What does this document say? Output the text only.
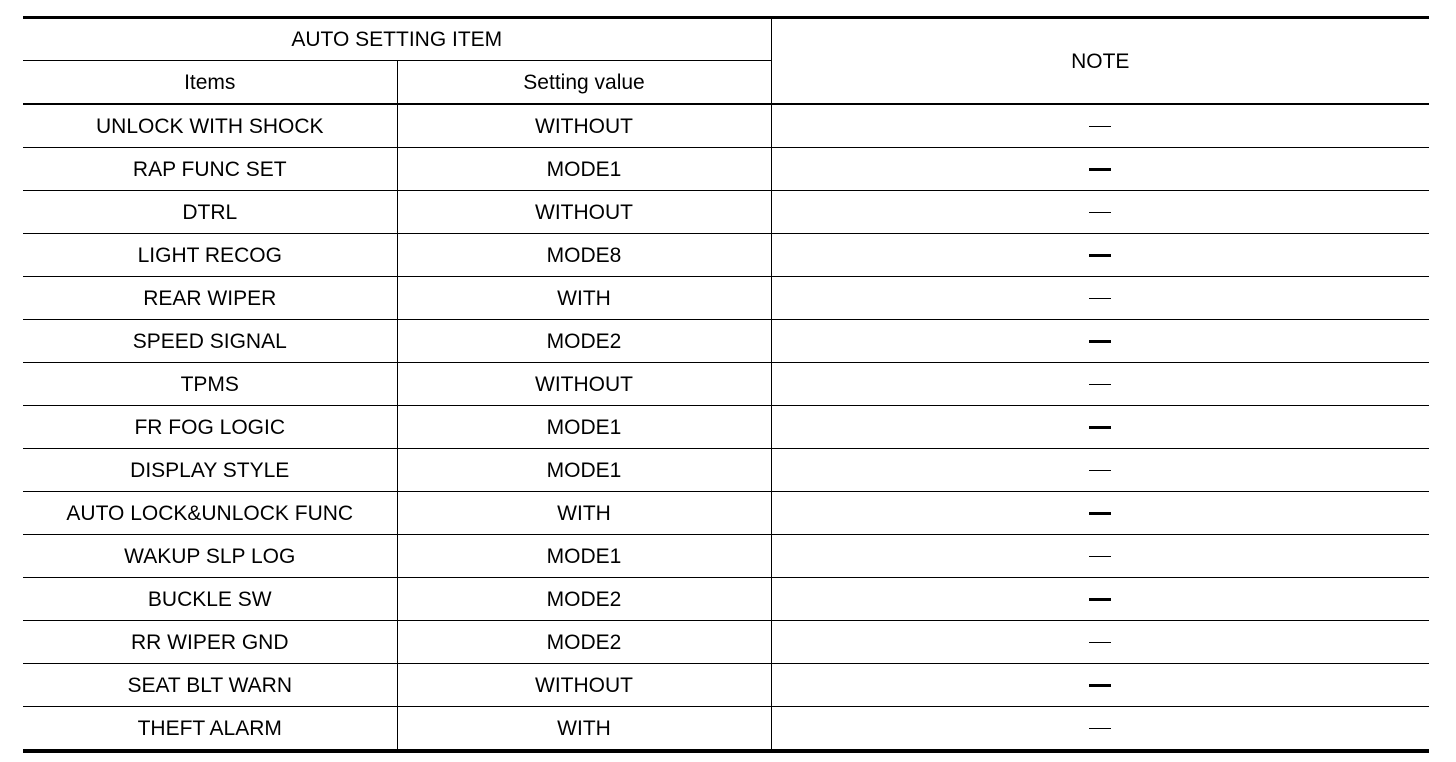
AUTO SETTING ITEM		NOTE
Items	Setting value	
UNLOCK WITH SHOCK	WITHOUT	
RAP FUNC SET	MODE1	
DTRL	WITHOUT	
LIGHT RECOG	MODE8	
REAR WIPER	WITH	
SPEED SIGNAL	MODE2	
TPMS	WITHOUT	
FR FOG LOGIC	MODE1	
DISPLAY STYLE	MODE1	
AUTO LOCK&UNLOCK FUNC	WITH	
WAKUP SLP LOG	MODE1	
BUCKLE SW	MODE2	
RR WIPER GND	MODE2	
SEAT BLT WARN	WITHOUT	
THEFT ALARM	WITH	
